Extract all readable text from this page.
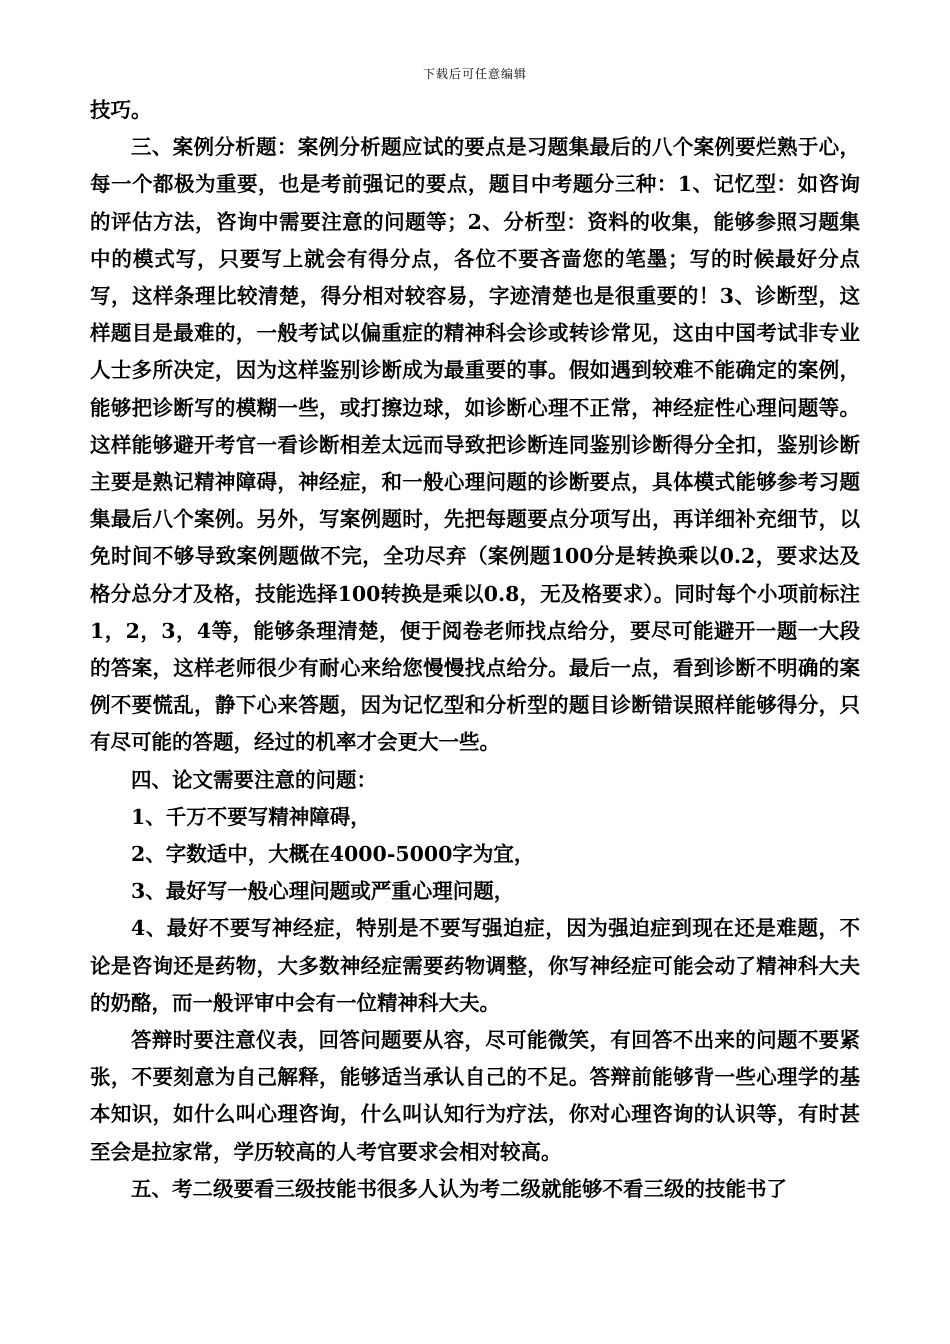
下载后可任意编辑

技巧。

三、案例分析题：案例分析题应试的要点是习题集最后的八个案例要烂熟于心，每一个都极为重要，也是考前强记的要点，题目中考题分三种：1、记忆型：如咨询的评估方法，咨询中需要注意的问题等；2、分析型：资料的收集，能够参照习题集中的模式写，只要写上就会有得分点，各位不要吝啬您的笔墨；写的时候最好分点写，这样条理比较清楚，得分相对较容易，字迹清楚也是很重要的！3、诊断型，这样题目是最难的，一般考试以偏重症的精神科会诊或转诊常见，这由中国考试非专业人士多所决定，因为这样鉴别诊断成为最重要的事。假如遇到较难不能确定的案例，能够把诊断写的模糊一些，或打擦边球，如诊断心理不正常，神经症性心理问题等。这样能够避开考官一看诊断相差太远而导致把诊断连同鉴别诊断得分全扣，鉴别诊断主要是熟记精神障碍，神经症，和一般心理问题的诊断要点，具体模式能够参考习题集最后八个案例。另外，写案例题时，先把每题要点分项写出，再详细补充细节，以免时间不够导致案例题做不完，全功尽弃（案例题100分是转换乘以0.2，要求达及格分总分才及格，技能选择100转换是乘以0.8，无及格要求）。同时每个小项前标注1，2，3，4等，能够条理清楚，便于阅卷老师找点给分，要尽可能避开一题一大段的答案，这样老师很少有耐心来给您慢慢找点给分。最后一点，看到诊断不明确的案例不要慌乱，静下心来答题，因为记忆型和分析型的题目诊断错误照样能够得分，只有尽可能的答题，经过的机率才会更大一些。

四、论文需要注意的问题：

1、千万不要写精神障碍，

2、字数适中，大概在4000-5000字为宜，

3、最好写一般心理问题或严重心理问题，

4、最好不要写神经症，特别是不要写强迫症，因为强迫症到现在还是难题，不论是咨询还是药物，大多数神经症需要药物调整，你写神经症可能会动了精神科大夫的奶酪，而一般评审中会有一位精神科大夫。

答辩时要注意仪表，回答问题要从容，尽可能微笑，有回答不出来的问题不要紧张，不要刻意为自己解释，能够适当承认自己的不足。答辩前能够背一些心理学的基本知识，如什么叫心理咨询，什么叫认知行为疗法，你对心理咨询的认识等，有时甚至会是拉家常，学历较高的人考官要求会相对较高。

五、考二级要看三级技能书很多人认为考二级就能够不看三级的技能书了
